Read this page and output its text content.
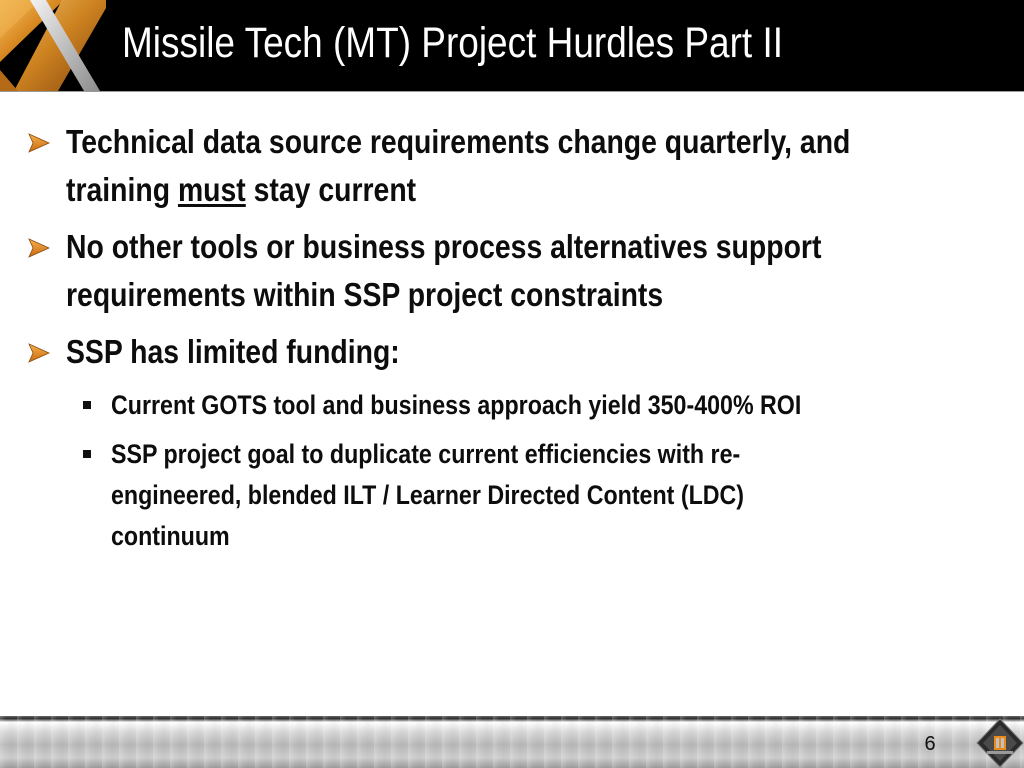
Missile Tech (MT) Project Hurdles Part II
Technical data source requirements change quarterly, and
training must stay current
No other tools or business process alternatives support
requirements within SSP project constraints
SSP has limited funding:
Current GOTS tool and business approach yield 350-400% ROI
SSP project goal to duplicate current efficiencies with re-
engineered, blended ILT / Learner Directed Content (LDC)
continuum
6
